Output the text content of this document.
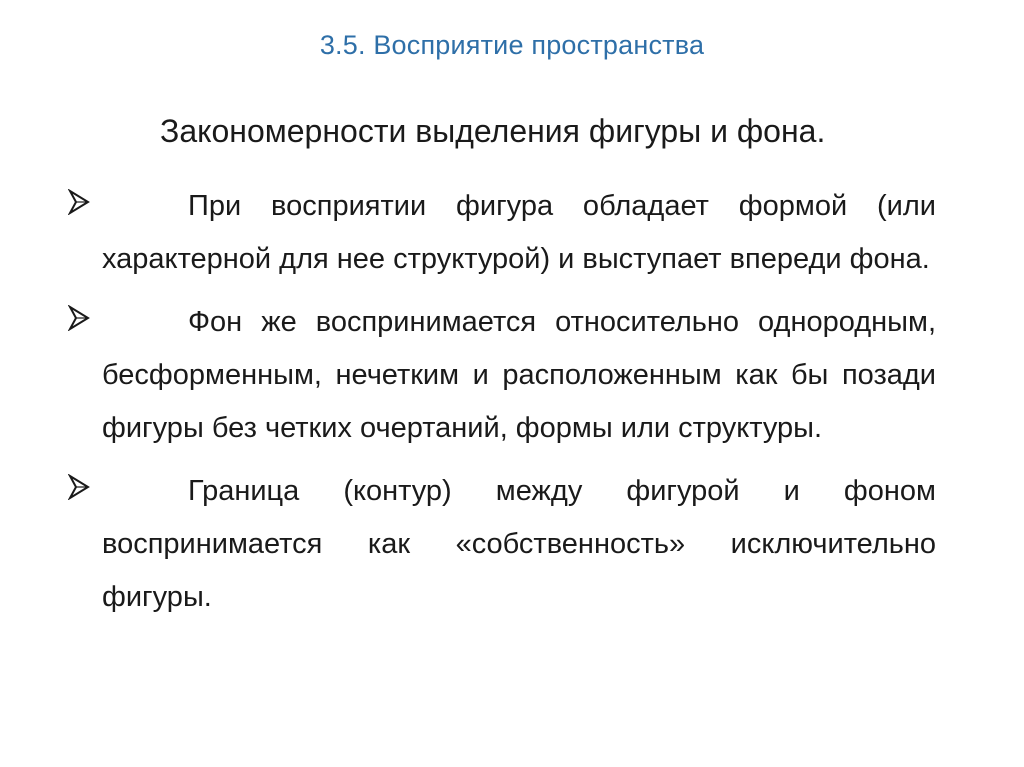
3.5. Восприятие пространства
Закономерности выделения фигуры и фона.
При восприятии фигура обладает формой (или характерной для нее структурой) и выступает впереди фона.
Фон же воспринимается относительно однородным, бесформенным, нечетким и расположенным как бы позади фигуры без четких очертаний, формы или структуры.
Граница (контур) между фигурой и фоном воспринимается как «собственность» исключительно фигуры.
